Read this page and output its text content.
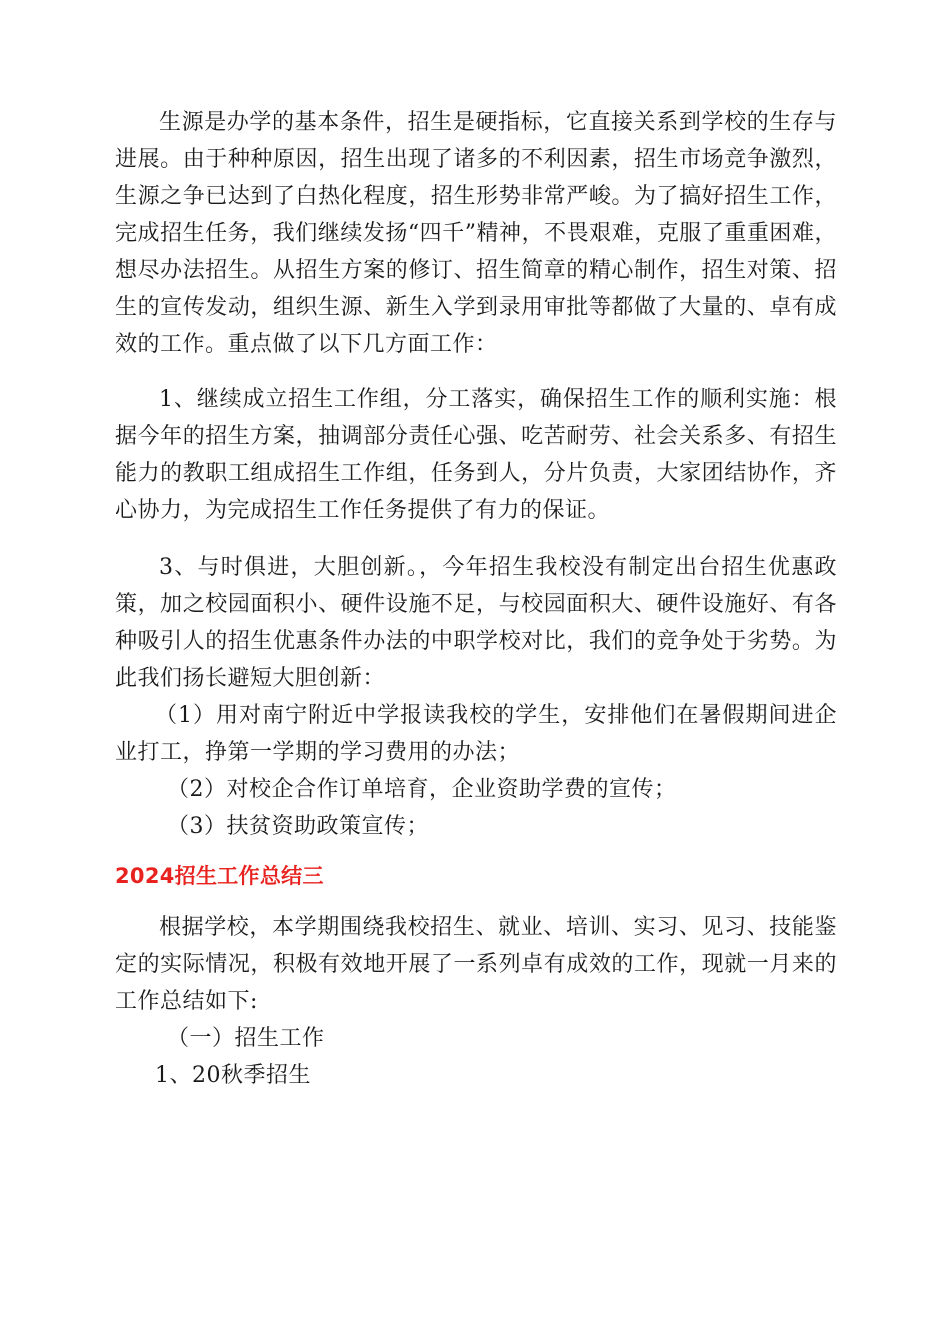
生源是办学的基本条件，招生是硬指标，它直接关系到学校的生存与进展。由于种种原因，招生出现了诸多的不利因素，招生市场竞争激烈，生源之争已达到了白热化程度，招生形势非常严峻。为了搞好招生工作，完成招生任务，我们继续发扬“四千”精神，不畏艰难，克服了重重困难，想尽办法招生。从招生方案的修订、招生简章的精心制作，招生对策、招生的宣传发动，组织生源、新生入学到录用审批等都做了大量的、卓有成效的工作。重点做了以下几方面工作：

1、继续成立招生工作组，分工落实，确保招生工作的顺利实施：根据今年的招生方案，抽调部分责任心强、吃苦耐劳、社会关系多、有招生能力的教职工组成招生工作组，任务到人，分片负责，大家团结协作，齐心协力，为完成招生工作任务提供了有力的保证。

3、与时俱进，大胆创新。，今年招生我校没有制定出台招生优惠政策，加之校园面积小、硬件设施不足，与校园面积大、硬件设施好、有各种吸引人的招生优惠条件办法的中职学校对比，我们的竞争处于劣势。为此我们扬长避短大胆创新：

（1）用对南宁附近中学报读我校的学生，安排他们在暑假期间进企业打工，挣第一学期的学习费用的办法；

（2）对校企合作订单培育，企业资助学费的宣传；

（3）扶贫资助政策宣传；

2024招生工作总结三

根据学校，本学期围绕我校招生、就业、培训、实习、见习、技能鉴定的实际情况，积极有效地开展了一系列卓有成效的工作，现就一月来的工作总结如下:

（一）招生工作

1、20秋季招生
